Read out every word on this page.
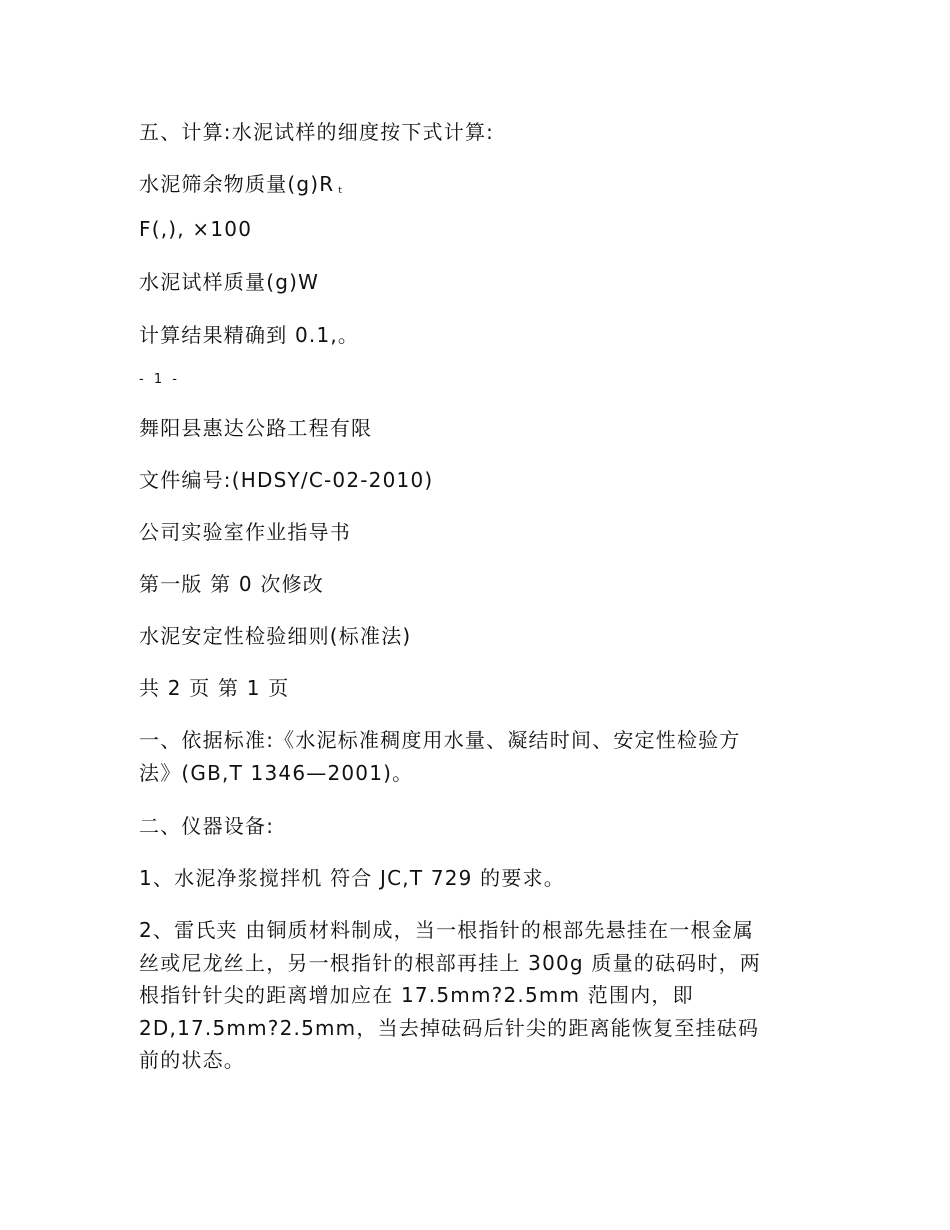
五、计算:水泥试样的细度按下式计算:
水泥筛余物质量(g)R $_t$
F(,), ×100
水泥试样质量(g)W
计算结果精确到 0.1,。
- 1 -
舞阳县惠达公路工程有限
文件编号:(HDSY/C-02-2010)
公司实验室作业指导书
第一版 第 0 次修改
水泥安定性检验细则(标准法)
共 2 页 第 1 页
一、依据标准:《水泥标准稠度用水量、凝结时间、安定性检验方
法》(GB,T 1346—2001)。
二、仪器设备:
1、水泥净浆搅拌机 符合 JC,T 729 的要求。
2、雷氏夹 由铜质材料制成，当一根指针的根部先悬挂在一根金属
丝或尼龙丝上，另一根指针的根部再挂上 300g 质量的砝码时，两
根指针针尖的距离增加应在 17.5mm?2.5mm 范围内，即
2D,17.5mm?2.5mm，当去掉砝码后针尖的距离能恢复至挂砝码
前的状态。
